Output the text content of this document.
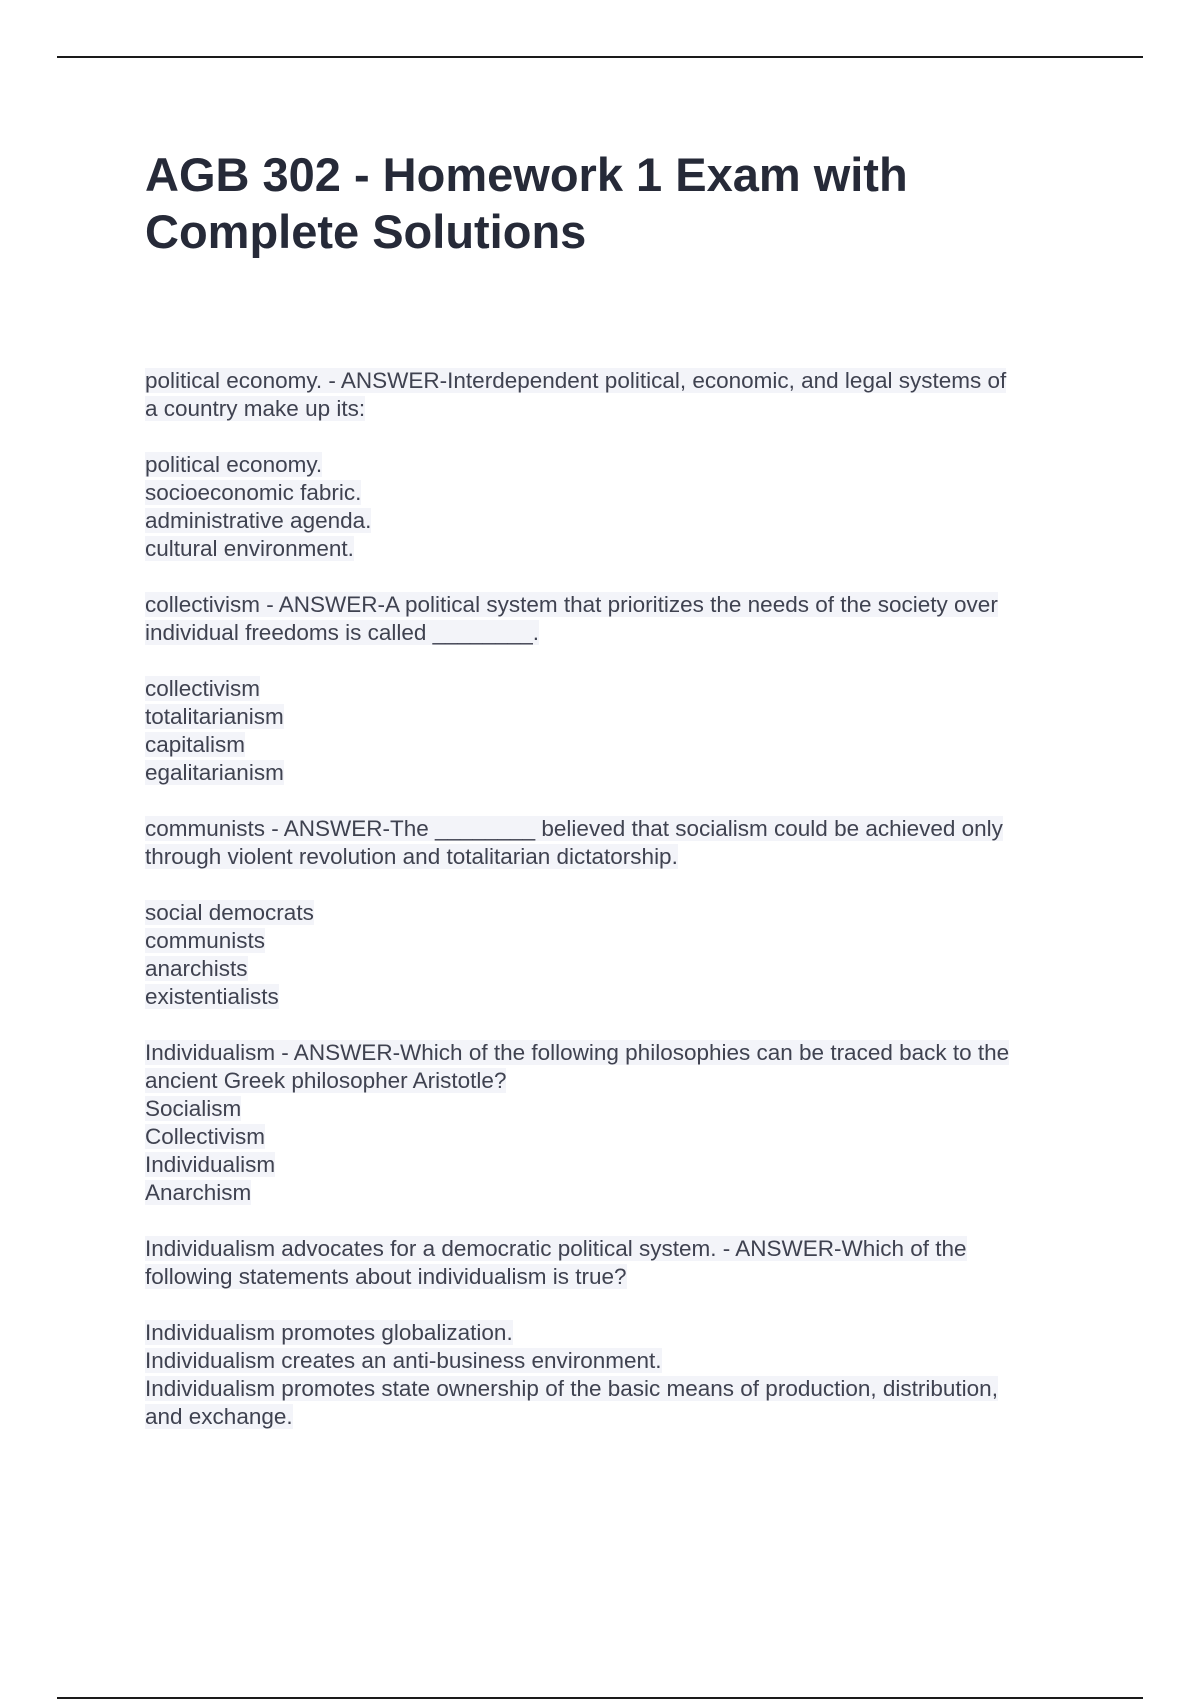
AGB 302 - Homework 1 Exam with Complete Solutions
political economy. - ANSWER-Interdependent political, economic, and legal systems of
a country make up its:
political economy.
socioeconomic fabric.
administrative agenda.
cultural environment.
collectivism - ANSWER-A political system that prioritizes the needs of the society over
individual freedoms is called ________.
collectivism
totalitarianism
capitalism
egalitarianism
communists - ANSWER-The ________ believed that socialism could be achieved only
through violent revolution and totalitarian dictatorship.
social democrats
communists
anarchists
existentialists
Individualism - ANSWER-Which of the following philosophies can be traced back to the
ancient Greek philosopher Aristotle?
Socialism
Collectivism
Individualism
Anarchism
Individualism advocates for a democratic political system. - ANSWER-Which of the
following statements about individualism is true?
Individualism promotes globalization.
Individualism creates an anti-business environment.
Individualism promotes state ownership of the basic means of production, distribution,
and exchange.
